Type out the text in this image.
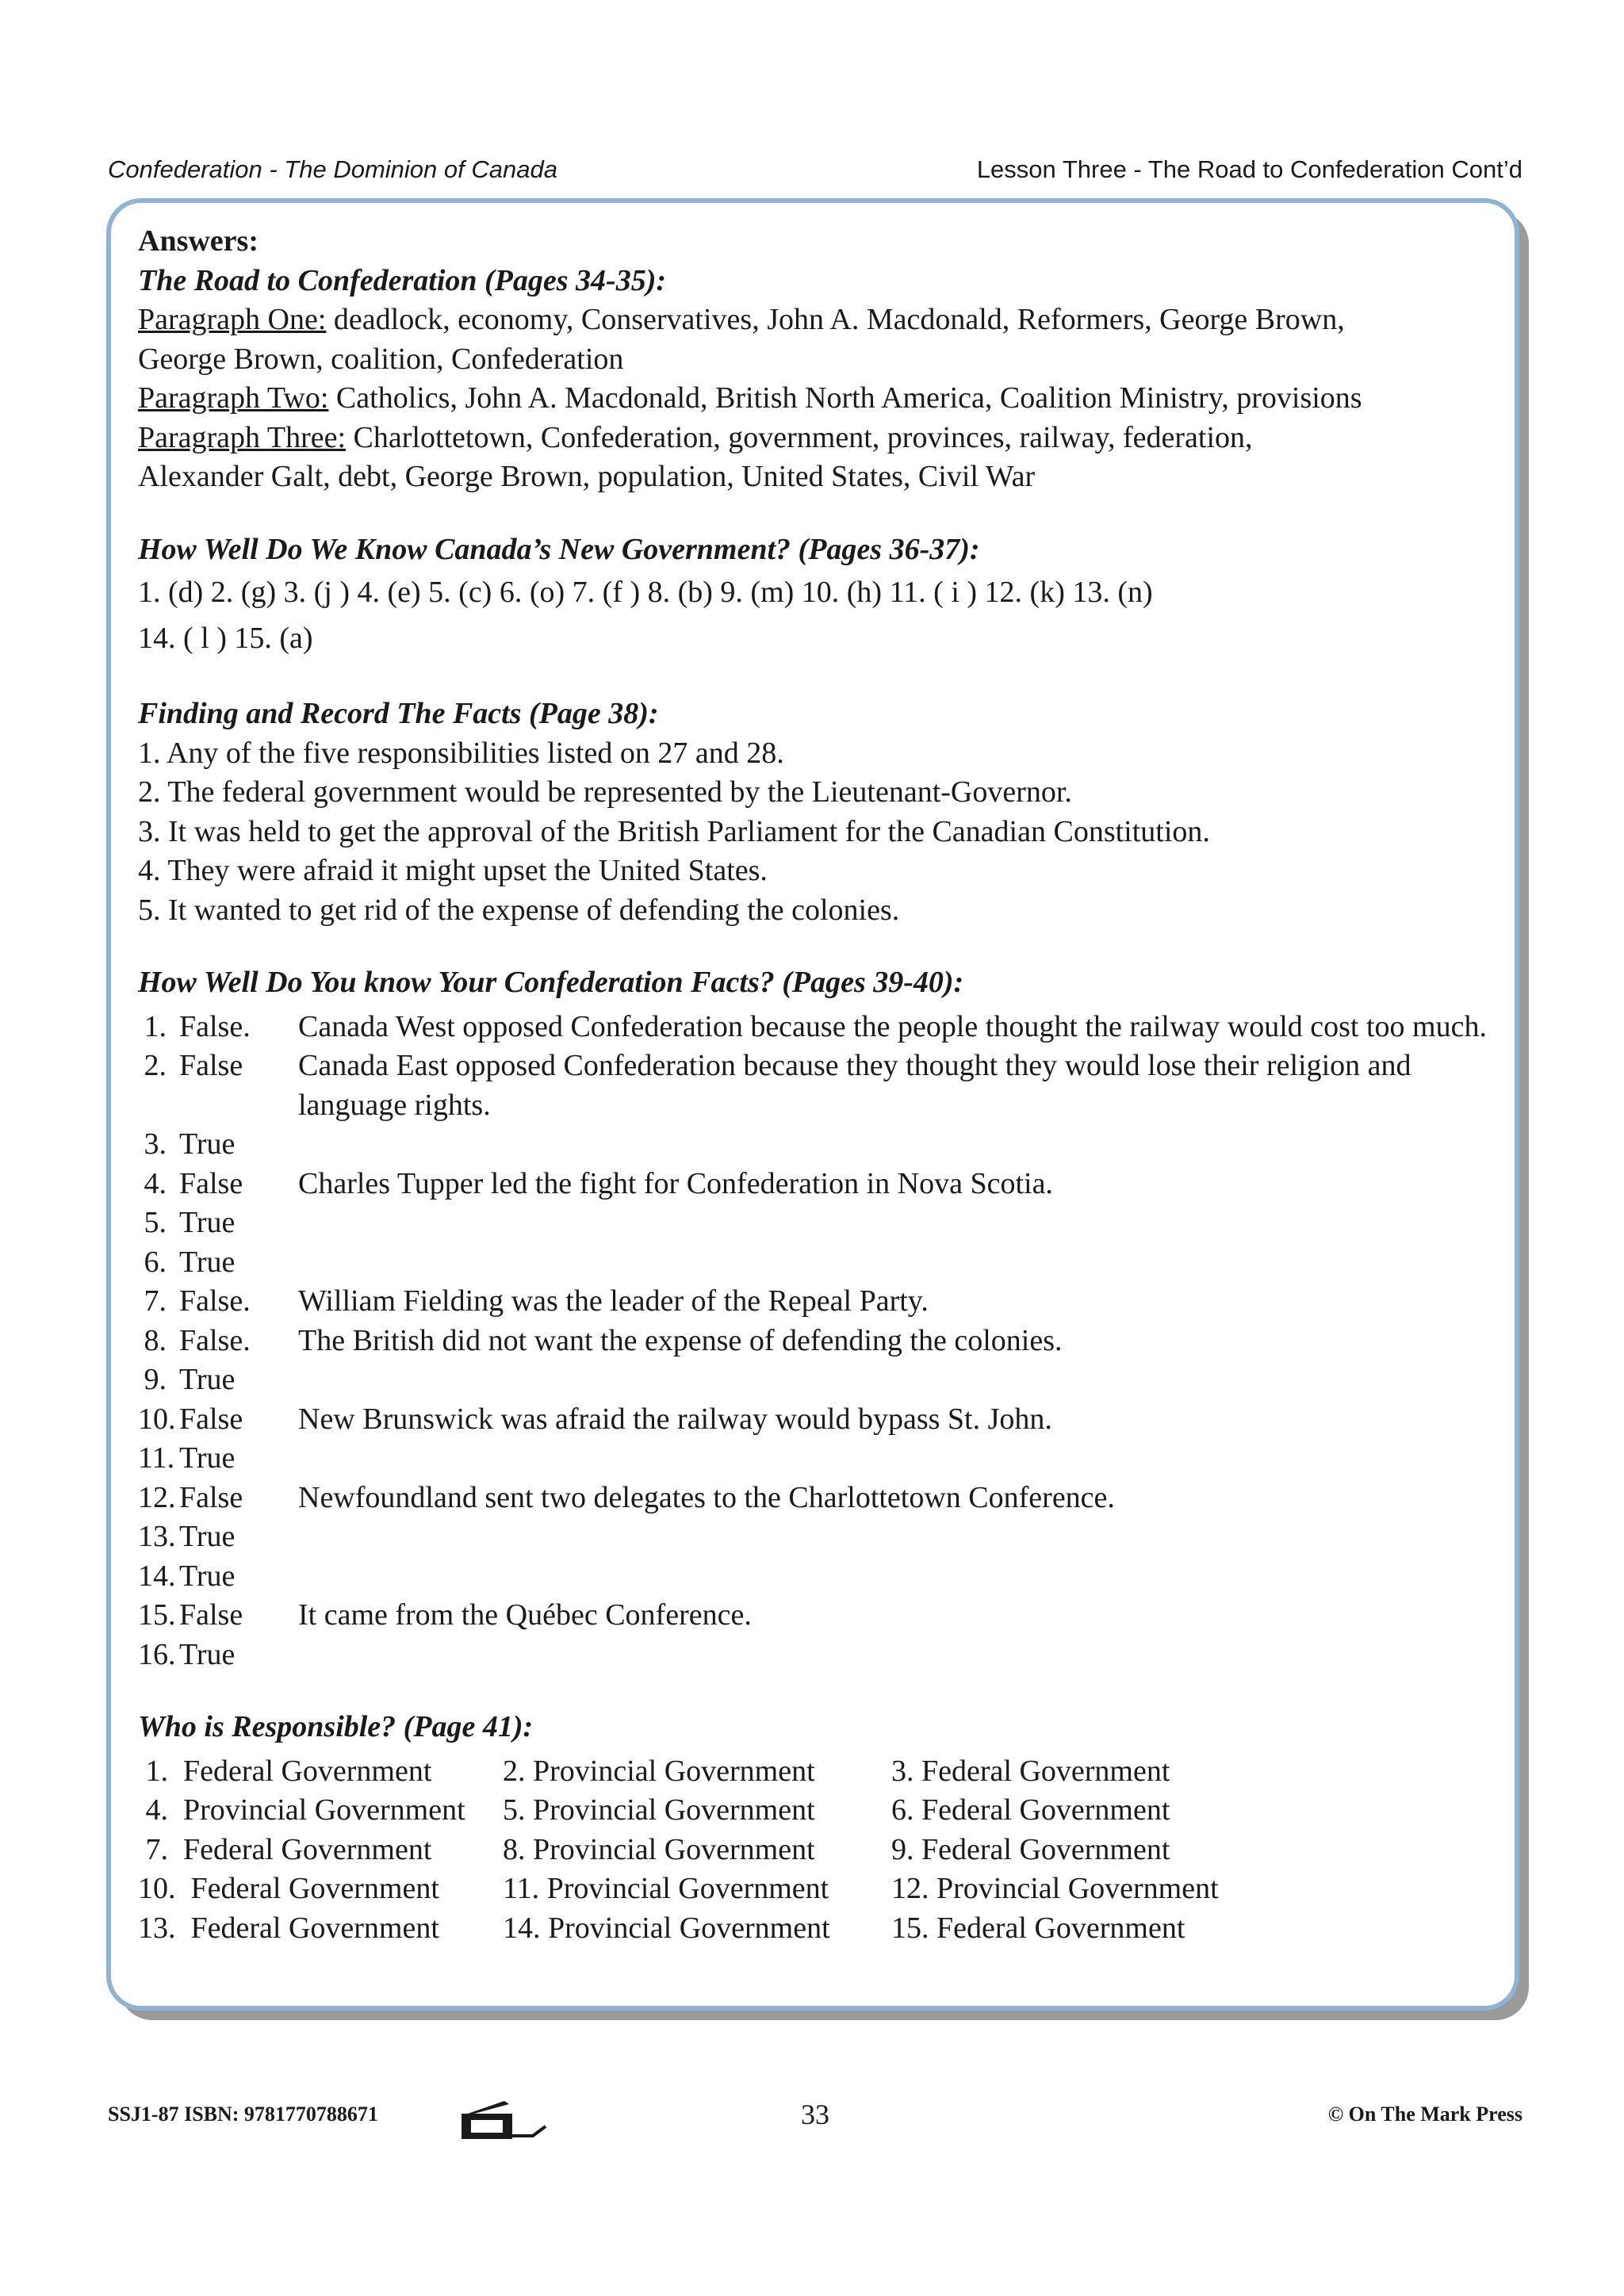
Confederation - The Dominion of Canada	Lesson Three - The Road to Confederation Cont’d
Answers:
The Road to Confederation (Pages 34-35):
Paragraph One: deadlock, economy, Conservatives, John A. Macdonald, Reformers, George Brown,
George Brown, coalition, Confederation
Paragraph Two: Catholics, John A. Macdonald, British North America, Coalition Ministry, provisions
Paragraph Three: Charlottetown, Confederation, government, provinces, railway, federation,
Alexander Galt, debt, George Brown, population, United States, Civil War
How Well Do We Know Canada’s New Government? (Pages 36-37):
1. (d) 2. (g) 3. (j ) 4. (e) 5. (c) 6. (o) 7. (f ) 8. (b) 9. (m) 10. (h) 11. ( i ) 12. (k) 13. (n)
14. ( l ) 15. (a)
Finding and Record The Facts (Page 38):
1. Any of the five responsibilities listed on 27 and 28.
2. The federal government would be represented by the Lieutenant-Governor.
3. It was held to get the approval of the British Parliament for the Canadian Constitution.
4. They were afraid it might upset the United States.
5. It wanted to get rid of the expense of defending the colonies.
How Well Do You know Your Confederation Facts? (Pages 39-40):
1. False.	Canada West opposed Confederation because the people thought the railway would cost too much.
2. False	Canada East opposed Confederation because they thought they would lose their religion and language rights.
3. True
4. False	Charles Tupper led the fight for Confederation in Nova Scotia.
5. True
6. True
7. False.	William Fielding was the leader of the Repeal Party.
8. False.	The British did not want the expense of defending the colonies.
9. True
10. False	New Brunswick was afraid the railway would bypass St. John.
11. True
12. False	Newfoundland sent two delegates to the Charlottetown Conference.
13. True
14. True
15. False	It came from the Québec Conference.
16. True
Who is Responsible? (Page 41):
1.  Federal Government	2. Provincial Government	3. Federal Government
4.  Provincial Government	5. Provincial Government	6. Federal Government
7.  Federal Government	8. Provincial Government	9. Federal Government
10.  Federal Government	11. Provincial Government	12. Provincial Government
13.  Federal Government	14. Provincial Government	15. Federal Government
SSJ1-87 ISBN: 9781770788671	33	© On The Mark Press
